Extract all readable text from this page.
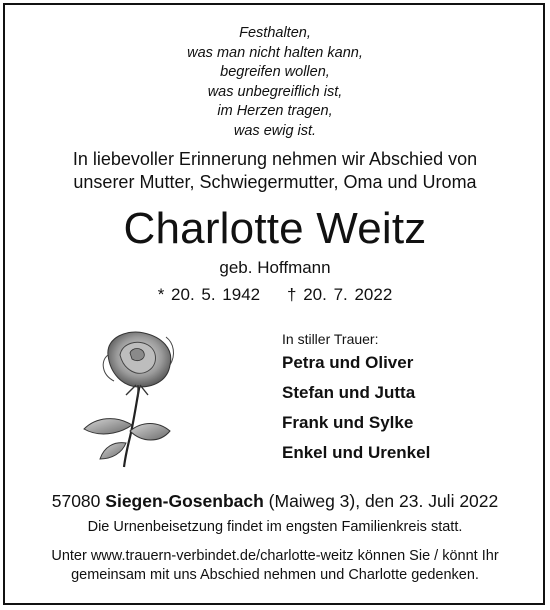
Festhalten,
was man nicht halten kann,
begreifen wollen,
was unbegreiflich ist,
im Herzen tragen,
was ewig ist.
In liebevoller Erinnerung nehmen wir Abschied von
unserer Mutter, Schwiegermutter, Oma und Uroma
Charlotte Weitz
geb. Hoffmann
* 20. 5. 1942 † 20. 7. 2022
In stiller Trauer:
Petra und Oliver
Stefan und Jutta
Frank und Sylke
Enkel und Urenkel
57080 Siegen-Gosenbach (Maiweg 3), den 23. Juli 2022
Die Urnenbeisetzung findet im engsten Familienkreis statt.
Unter www.trauern-verbindet.de/charlotte-weitz können Sie / könnt Ihr
gemeinsam mit uns Abschied nehmen und Charlotte gedenken.
